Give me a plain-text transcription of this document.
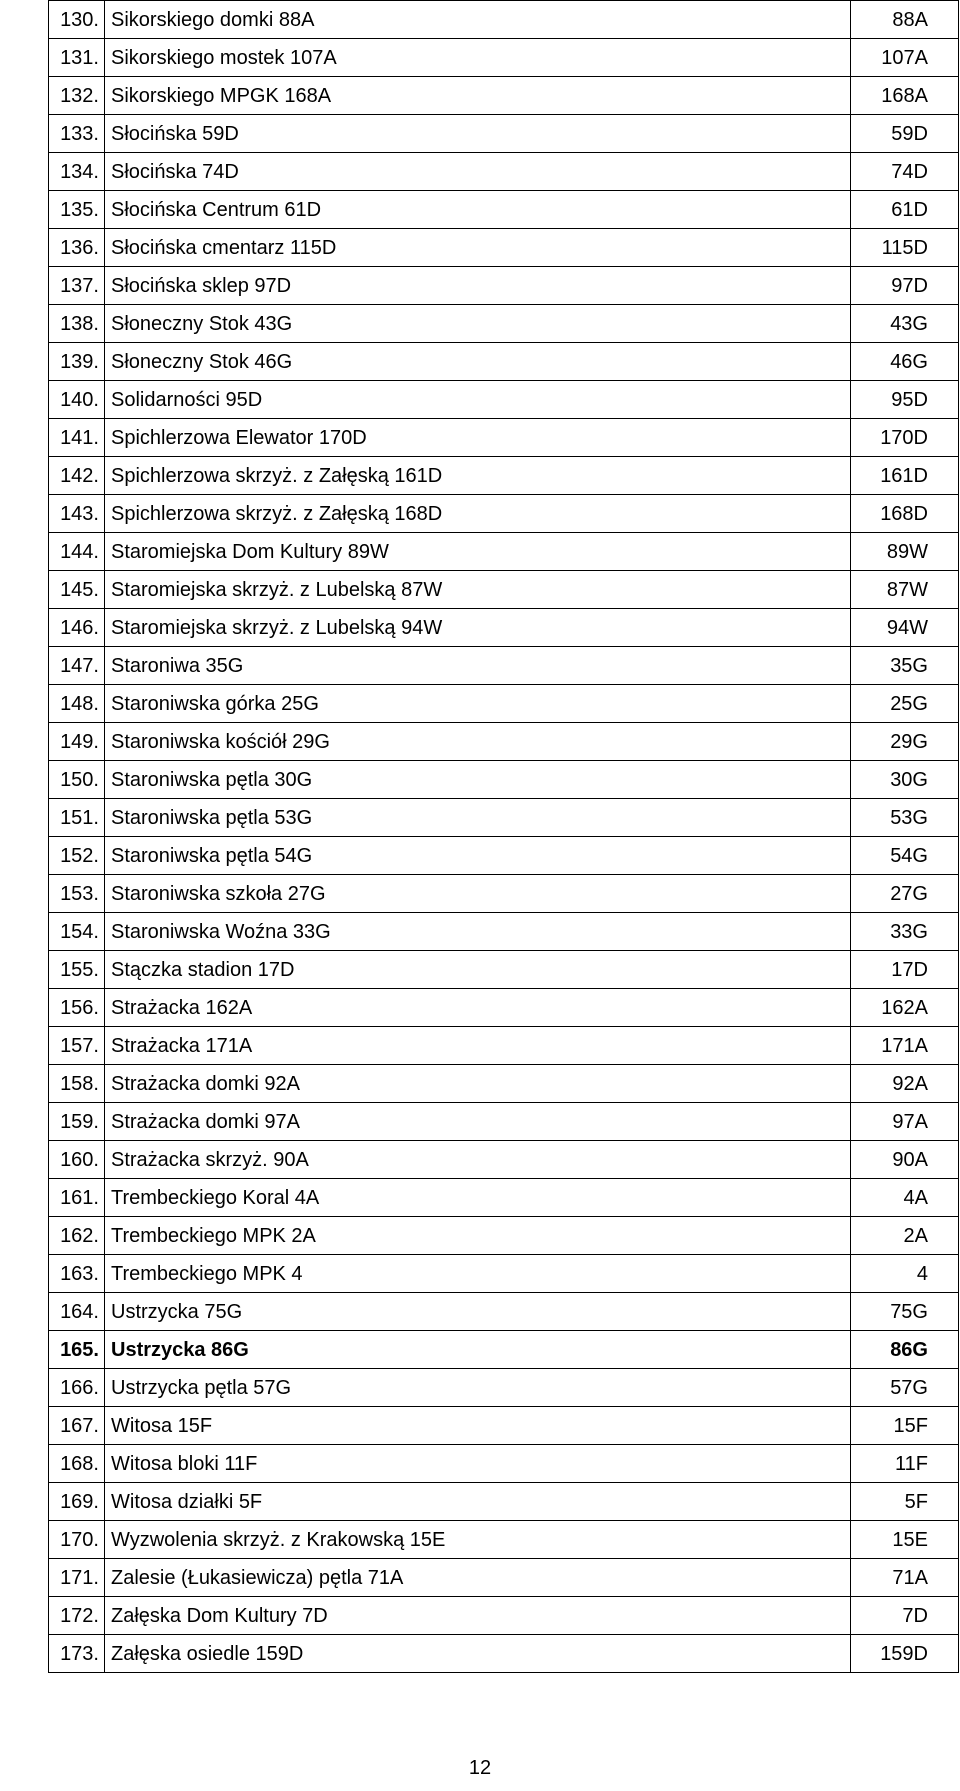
130.	Sikorskiego domki 88A	88A
131.	Sikorskiego mostek 107A	107A
132.	Sikorskiego MPGK 168A	168A
133.	Słocińska 59D	59D
134.	Słocińska 74D	74D
135.	Słocińska Centrum 61D	61D
136.	Słocińska cmentarz 115D	115D
137.	Słocińska sklep 97D	97D
138.	Słoneczny Stok 43G	43G
139.	Słoneczny Stok 46G	46G
140.	Solidarności 95D	95D
141.	Spichlerzowa Elewator 170D	170D
142.	Spichlerzowa skrzyż. z Załęską 161D	161D
143.	Spichlerzowa skrzyż. z Załęską 168D	168D
144.	Staromiejska Dom Kultury 89W	89W
145.	Staromiejska skrzyż. z Lubelską 87W	87W
146.	Staromiejska skrzyż. z Lubelską 94W	94W
147.	Staroniwa 35G	35G
148.	Staroniwska górka 25G	25G
149.	Staroniwska kościół 29G	29G
150.	Staroniwska pętla 30G	30G
151.	Staroniwska pętla 53G	53G
152.	Staroniwska pętla 54G	54G
153.	Staroniwska szkoła 27G	27G
154.	Staroniwska Woźna 33G	33G
155.	Stączka stadion 17D	17D
156.	Strażacka 162A	162A
157.	Strażacka 171A	171A
158.	Strażacka domki 92A	92A
159.	Strażacka domki 97A	97A
160.	Strażacka skrzyż. 90A	90A
161.	Trembeckiego Koral 4A	4A
162.	Trembeckiego MPK 2A	2A
163.	Trembeckiego MPK 4	4
164.	Ustrzycka 75G	75G
165.	Ustrzycka 86G	86G
166.	Ustrzycka pętla 57G	57G
167.	Witosa 15F	15F
168.	Witosa bloki 11F	11F
169.	Witosa działki 5F	5F
170.	Wyzwolenia skrzyż. z Krakowską 15E	15E
171.	Zalesie (Łukasiewicza) pętla 71A	71A
172.	Załęska Dom Kultury 7D	7D
173.	Załęska osiedle 159D	159D
12
